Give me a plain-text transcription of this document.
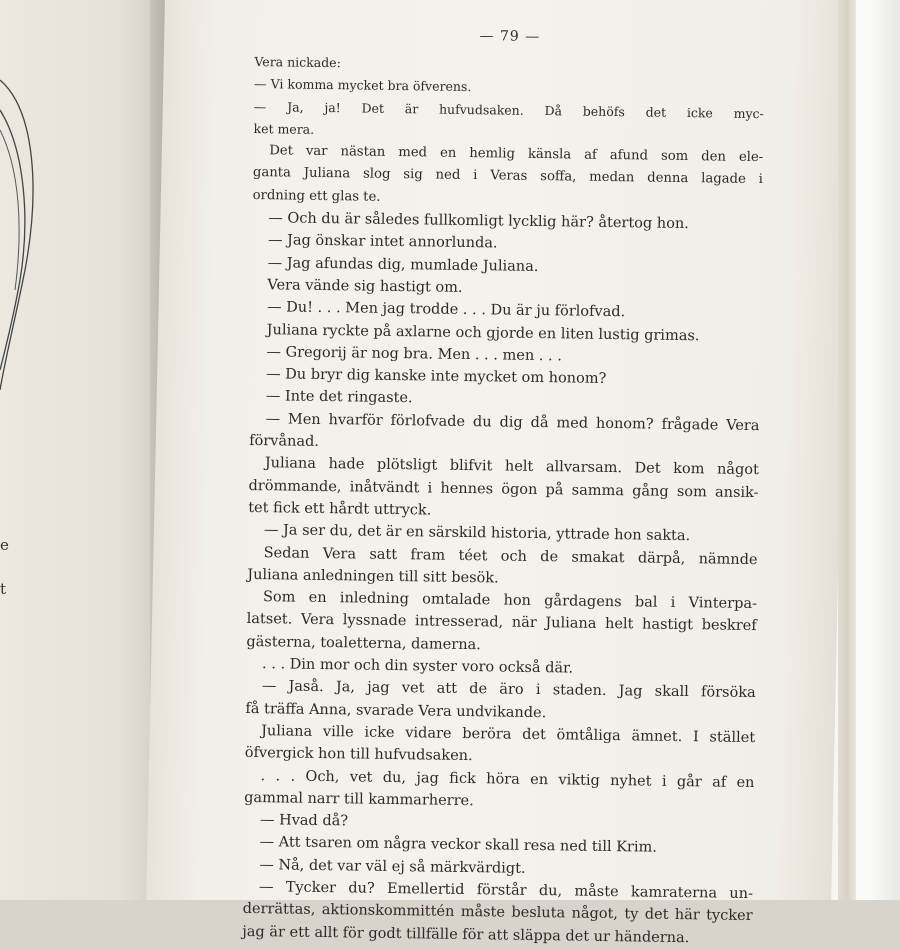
e
t
— 79 —
Vera nickade:
— Vi komma mycket bra öfverens.
— Ja, ja! Det är hufvudsaken. Då behöfs det icke myc-
ket mera.
Det var nästan med en hemlig känsla af afund som den ele-
ganta Juliana slog sig ned i Veras soffa, medan denna lagade i
ordning ett glas te.
— Och du är således fullkomligt lycklig här? återtog hon.
— Jag önskar intet annorlunda.
— Jag afundas dig, mumlade Juliana.
Vera vände sig hastigt om.
— Du! . . . Men jag trodde . . . Du är ju förlofvad.
Juliana ryckte på axlarne och gjorde en liten lustig grimas.
— Gregorij är nog bra. Men . . . men . . .
— Du bryr dig kanske inte mycket om honom?
— Inte det ringaste.
— Men hvarför förlofvade du dig då med honom? frågade Vera
förvånad.
Juliana hade plötsligt blifvit helt allvarsam. Det kom något
drömmande, inåtvändt i hennes ögon på samma gång som ansik-
tet fick ett hårdt uttryck.
— Ja ser du, det är en särskild historia, yttrade hon sakta.
Sedan Vera satt fram téet och de smakat därpå, nämnde
Juliana anledningen till sitt besök.
Som en inledning omtalade hon gårdagens bal i Vinterpa-
latset. Vera lyssnade intresserad, när Juliana helt hastigt beskref
gästerna, toaletterna, damerna.
. . . Din mor och din syster voro också där.
— Jaså. Ja, jag vet att de äro i staden. Jag skall försöka
få träffa Anna, svarade Vera undvikande.
Juliana ville icke vidare beröra det ömtåliga ämnet. I stället
öfvergick hon till hufvudsaken.
. . . Och, vet du, jag fick höra en viktig nyhet i går af en
gammal narr till kammarherre.
— Hvad då?
— Att tsaren om några veckor skall resa ned till Krim.
— Nå, det var väl ej så märkvärdigt.
— Tycker du? Emellertid förstår du, måste kamraterna un-
derrättas, aktionskommittén måste besluta något, ty det här tycker
jag är ett allt för godt tillfälle för att släppa det ur händerna.
